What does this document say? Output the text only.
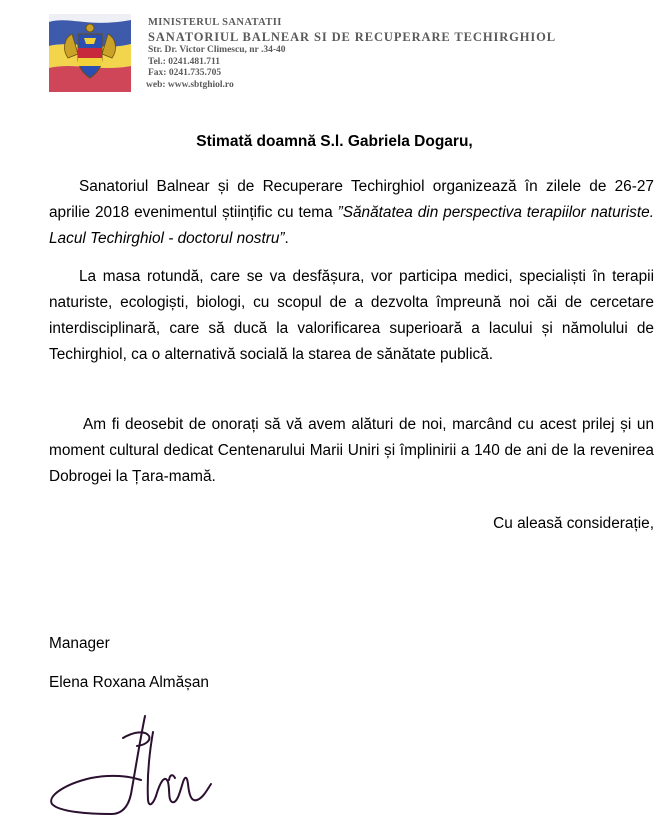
MINISTERUL SANATATII
SANATORIUL BALNEAR SI DE RECUPERARE TECHIRGHIOL
Str. Dr. Victor Climescu, nr .34-40
Tel.: 0241.481.711
Fax: 0241.735.705
web: www.sbtghiol.ro
Stimată doamnă S.l. Gabriela Dogaru,

Sanatoriul Balnear și de Recuperare Techirghiol organizează în zilele de 26-27 aprilie 2018 evenimentul științific cu tema ”Sănătatea din perspectiva terapiilor naturiste. Lacul Techirghiol - doctorul nostru”.

La masa rotundă, care se va desfășura, vor participa medici, specialiști în terapii naturiste, ecologiști, biologi, cu scopul de a dezvolta împreună noi căi de cercetare interdisciplinară, care să ducă la valorificarea superioară a lacului și nămolului de Techirghiol, ca o alternativă socială la starea de sănătate publică.

Am fi deosebit de onorați să vă avem alături de noi, marcând cu acest prilej și un moment cultural dedicat Centenarului Marii Uniri și împlinirii a 140 de ani de la revenirea Dobrogei la Țara-mamă.

Cu aleasă considerație,
Manager
Elena Roxana Almășan
